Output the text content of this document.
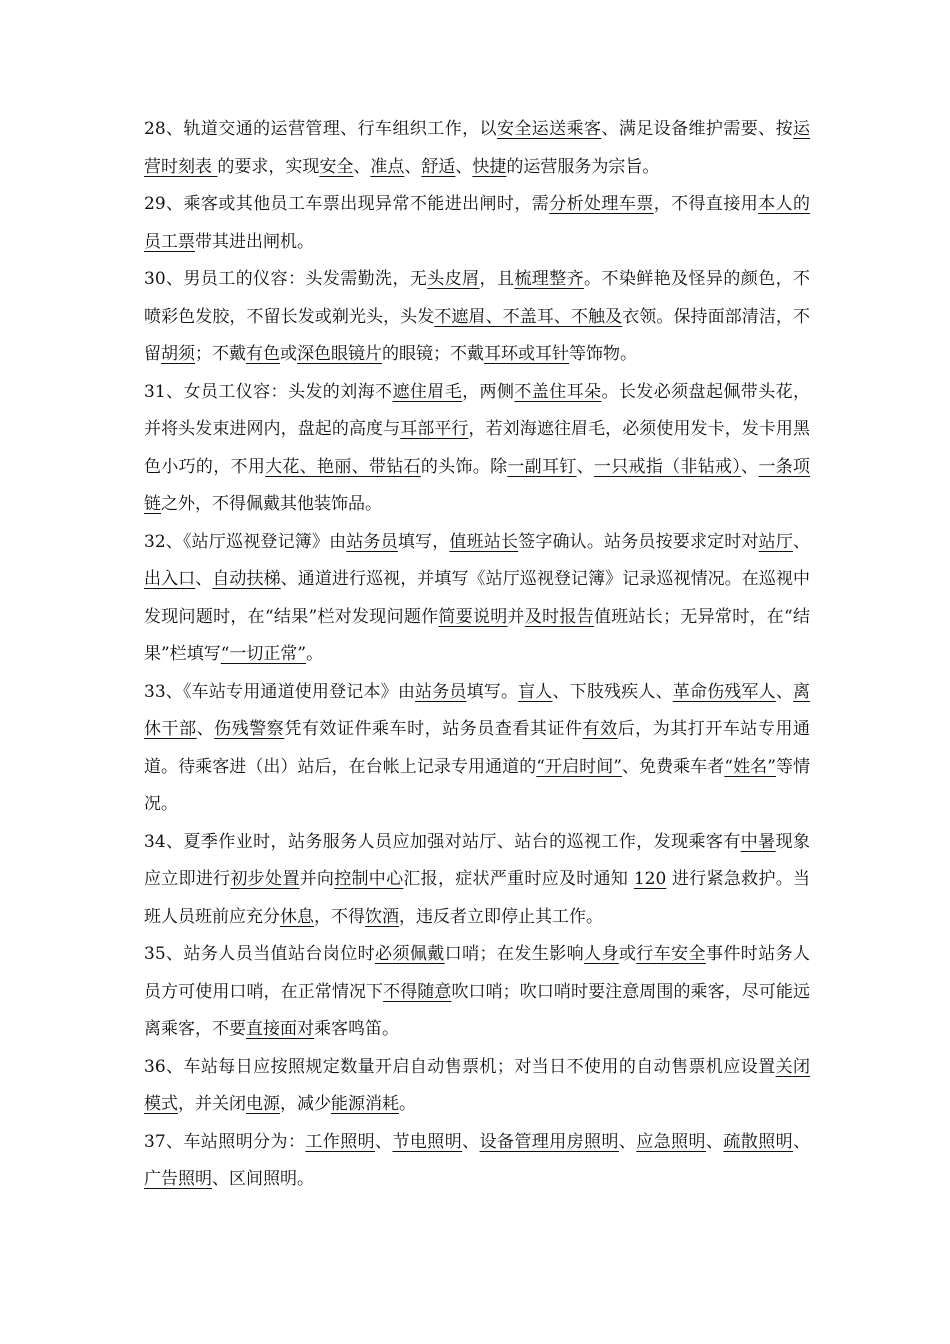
28、轨道交通的运营管理、行车组织工作，以安全运送乘客、满足设备维护需要、按运营时刻表 的要求，实现安全、准点、舒适、快捷的运营服务为宗旨。

29、乘客或其他员工车票出现异常不能进出闸时，需分析处理车票，不得直接用本人的员工票带其进出闸机。

30、男员工的仪容：头发需勤洗，无头皮屑，且梳理整齐。不染鲜艳及怪异的颜色，不喷彩色发胶，不留长发或剃光头，头发不遮眉、不盖耳、不触及衣领。保持面部清洁，不留胡须；不戴有色或深色眼镜片的眼镜；不戴耳环或耳针等饰物。

31、女员工仪容：头发的刘海不遮住眉毛，两侧不盖住耳朵。长发必须盘起佩带头花，并将头发束进网内，盘起的高度与耳部平行，若刘海遮往眉毛，必须使用发卡，发卡用黑色小巧的，不用大花、艳丽、带钻石的头饰。除一副耳钉、一只戒指（非钻戒）、一条项链之外，不得佩戴其他装饰品。

32、《站厅巡视登记簿》由站务员填写，值班站长签字确认。站务员按要求定时对站厅、出入口、自动扶梯、通道进行巡视，并填写《站厅巡视登记簿》记录巡视情况。在巡视中发现问题时，在“结果”栏对发现问题作简要说明并及时报告值班站长；无异常时，在“结果”栏填写“一切正常”。

33、《车站专用通道使用登记本》由站务员填写。盲人、下肢残疾人、革命伤残军人、离休干部、伤残警察凭有效证件乘车时，站务员查看其证件有效后，为其打开车站专用通道。待乘客进（出）站后，在台帐上记录专用通道的“开启时间”、免费乘车者“姓名”等情况。

34、夏季作业时，站务服务人员应加强对站厅、站台的巡视工作，发现乘客有中暑现象应立即进行初步处置并向控制中心汇报，症状严重时应及时通知 120 进行紧急救护。当班人员班前应充分休息，不得饮酒，违反者立即停止其工作。

35、站务人员当值站台岗位时必须佩戴口哨；在发生影响人身或行车安全事件时站务人员方可使用口哨，在正常情况下不得随意吹口哨；吹口哨时要注意周围的乘客，尽可能远离乘客，不要直接面对乘客鸣笛。

36、车站每日应按照规定数量开启自动售票机；对当日不使用的自动售票机应设置关闭模式，并关闭电源，减少能源消耗。

37、车站照明分为：工作照明、节电照明、设备管理用房照明、应急照明、疏散照明、广告照明、区间照明。
